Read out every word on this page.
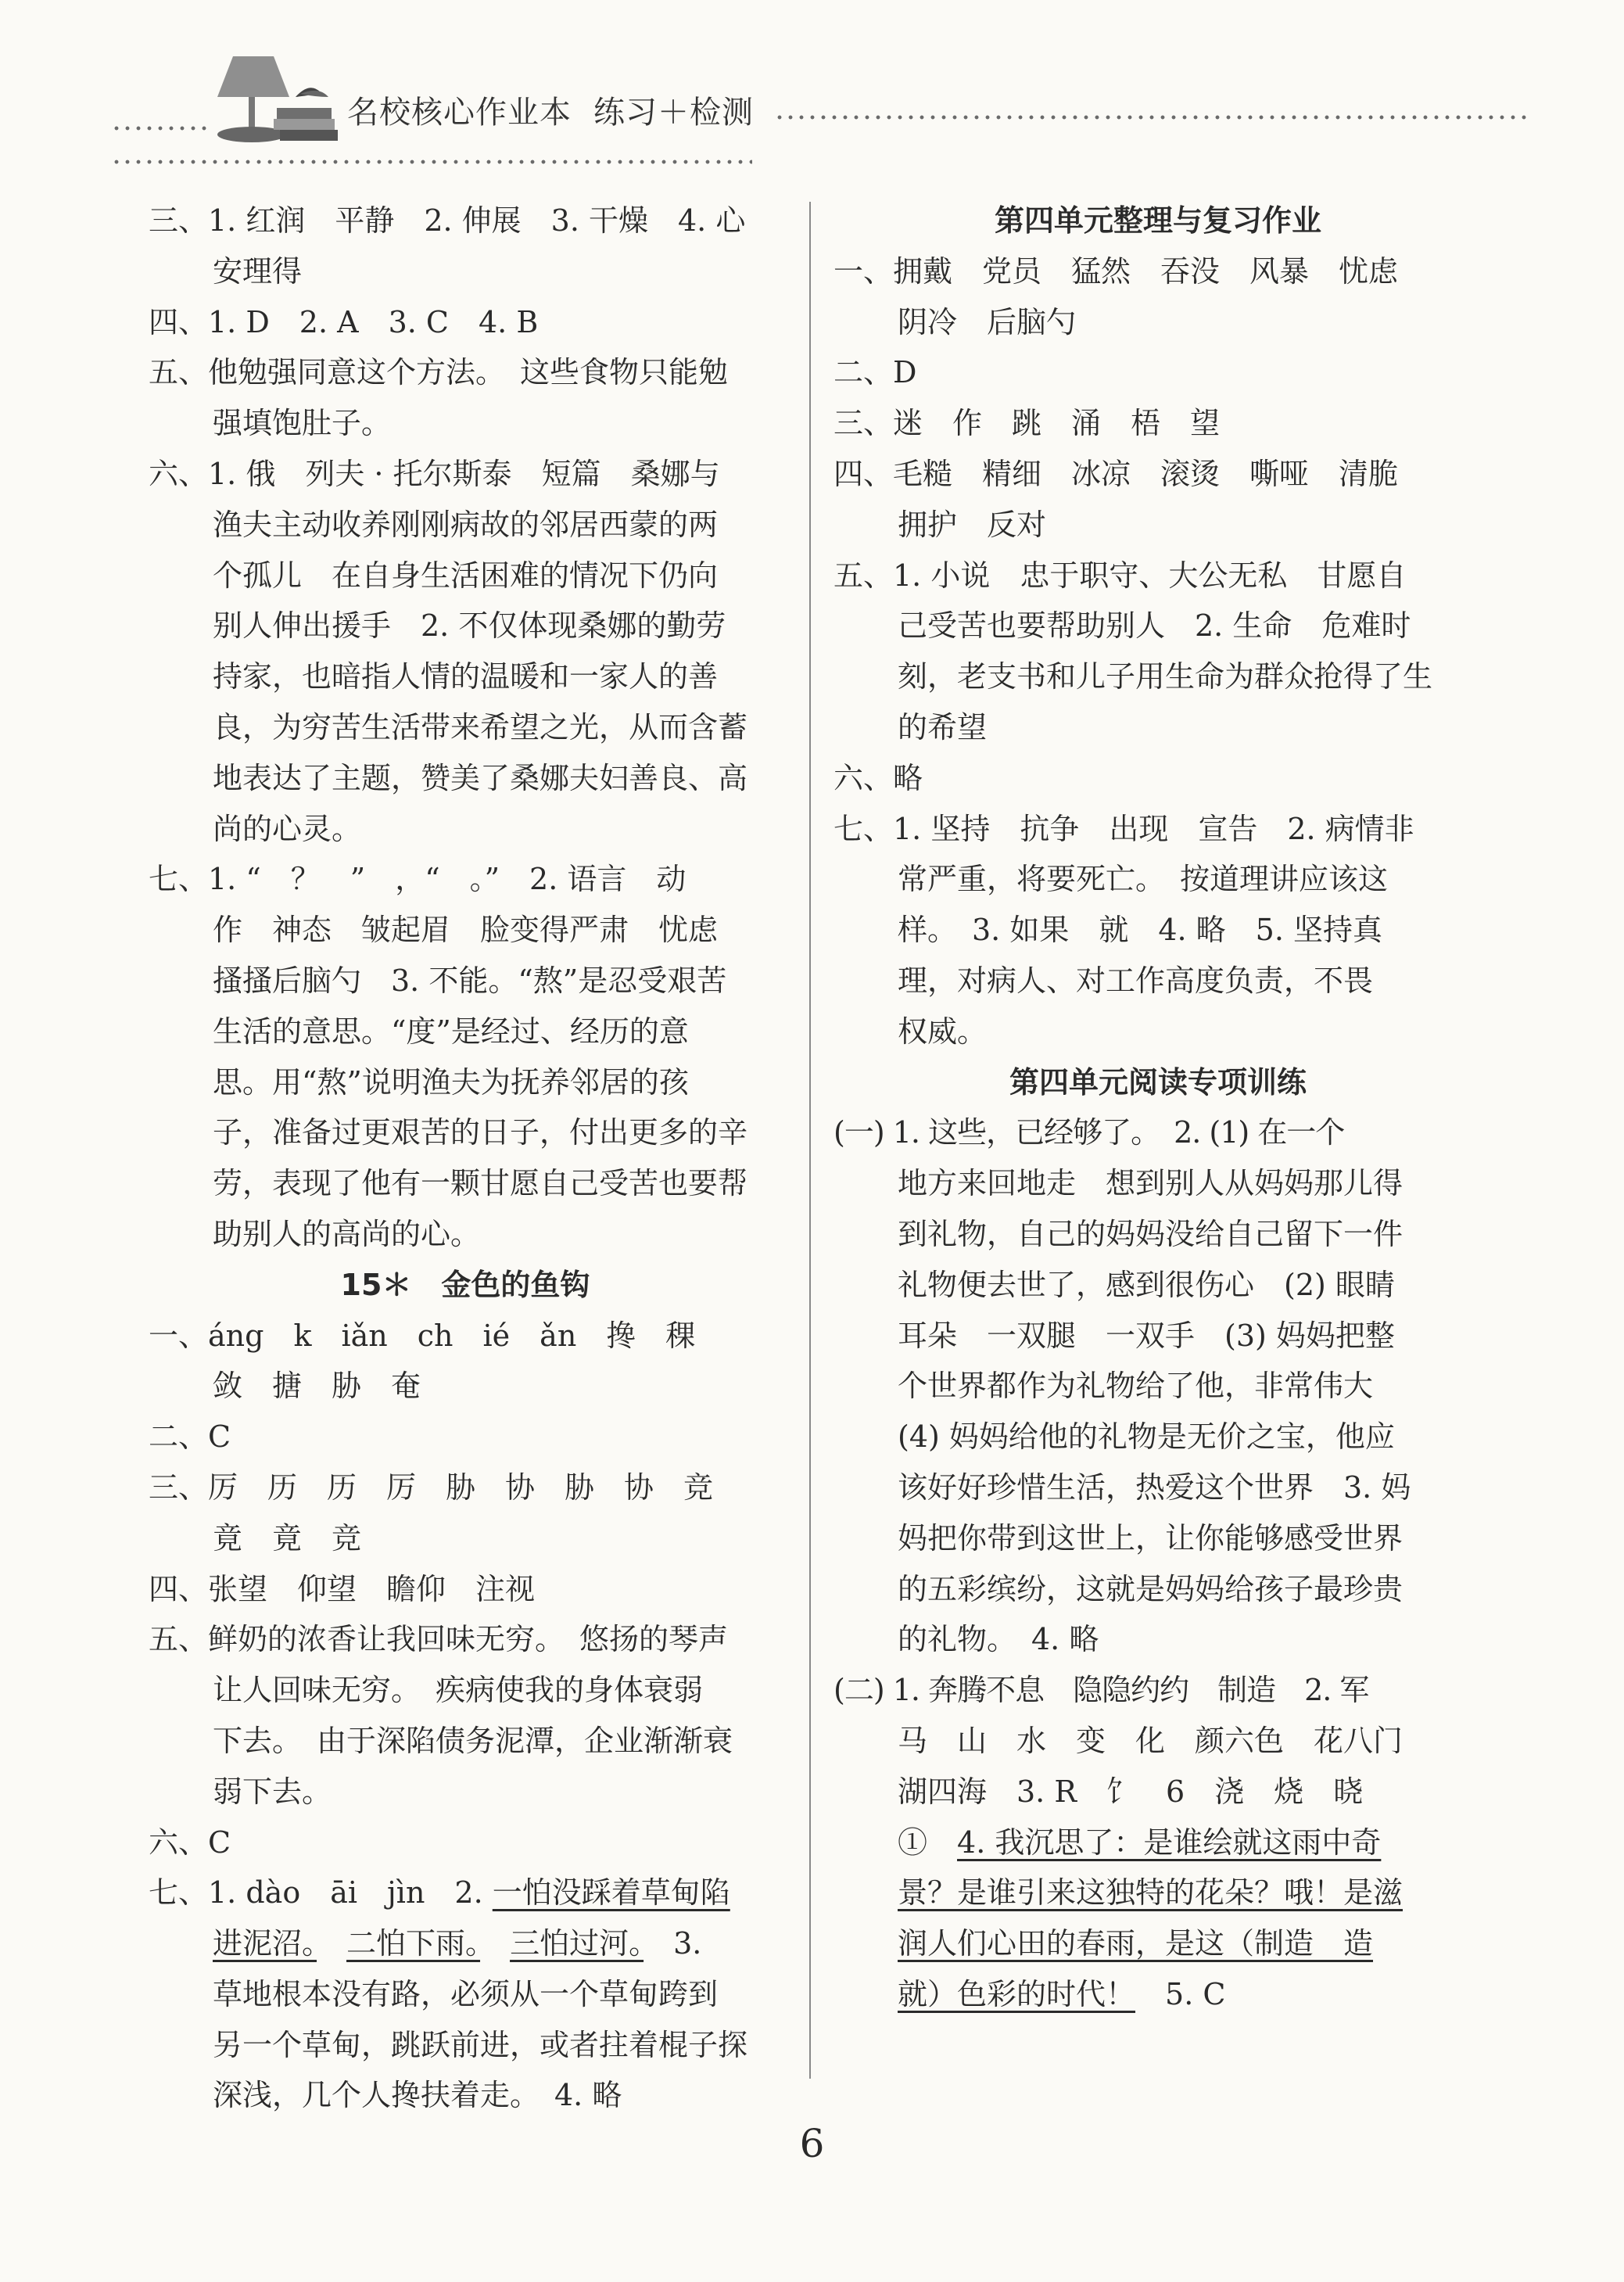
名校核心作业本 练习＋检测
三、1. 红润　平静　2. 伸展　3. 干燥　4. 心
安理得
四、1. D　2. A　3. C　4. B
五、他勉强同意这个方法。　这些食物只能勉
强填饱肚子。
六、1. 俄　列夫 · 托尔斯泰　短篇　桑娜与
渔夫主动收养刚刚病故的邻居西蒙的两
个孤儿　在自身生活困难的情况下仍向
别人伸出援手　2. 不仅体现桑娜的勤劳
持家，也暗指人情的温暖和一家人的善
良，为穷苦生活带来希望之光，从而含蓄
地表达了主题，赞美了桑娜夫妇善良、高
尚的心灵。
七、1. “　？　”　，“　。”　2. 语言　动
作　神态　皱起眉　脸变得严肃　忧虑
搔搔后脑勺　3. 不能。“熬”是忍受艰苦
生活的意思。“度”是经过、经历的意
思。用“熬”说明渔夫为抚养邻居的孩
子，准备过更艰苦的日子，付出更多的辛
劳，表现了他有一颗甘愿自己受苦也要帮
助别人的高尚的心。
15＊　金色的鱼钩
一、áng　k　iǎn　ch　ié　ǎn　搀　稞
敛　搪　胁　奄
二、C
三、厉　历　历　厉　胁　协　胁　协　竞
竟　竟　竞
四、张望　仰望　瞻仰　注视
五、鲜奶的浓香让我回味无穷。　悠扬的琴声
让人回味无穷。　疾病使我的身体衰弱
下去。　由于深陷债务泥潭，企业渐渐衰
弱下去。
六、C
七、1. dào　āi　jìn　2. 一怕没踩着草甸陷
进泥沼。　 二怕下雨。　 三怕过河。　 3.
草地根本没有路，必须从一个草甸跨到
另一个草甸，跳跃前进，或者拄着棍子探
深浅，几个人搀扶着走。　4. 略
第四单元整理与复习作业
一、拥戴　党员　猛然　吞没　风暴　忧虑
阴冷　后脑勺
二、D
三、迷　作　跳　涌　梧　望
四、毛糙　精细　冰凉　滚烫　嘶哑　清脆
拥护　反对
五、1. 小说　忠于职守、大公无私　甘愿自
己受苦也要帮助别人　2. 生命　危难时
刻，老支书和儿子用生命为群众抢得了生
的希望
六、略
七、1. 坚持　抗争　出现　宣告　2. 病情非
常严重，将要死亡。　按道理讲应该这
样。　3. 如果　就　4. 略　5. 坚持真
理，对病人、对工作高度负责，不畏
权威。
第四单元阅读专项训练
(一) 1. 这些，已经够了。　2. (1) 在一个
地方来回地走　想到别人从妈妈那儿得
到礼物，自己的妈妈没给自己留下一件
礼物便去世了，感到很伤心　(2) 眼睛
耳朵　一双腿　一双手　(3) 妈妈把整
个世界都作为礼物给了他，非常伟大
(4) 妈妈给他的礼物是无价之宝，他应
该好好珍惜生活，热爱这个世界　3. 妈
妈把你带到这世上，让你能够感受世界
的五彩缤纷，这就是妈妈给孩子最珍贵
的礼物。　4. 略
(二) 1. 奔腾不息　隐隐约约　制造　2. 军
马　山　水　变　化　颜六色　花八门
湖四海　3. R　饣　6　浇　烧　晓
①　4. 我沉思了：是谁绘就这雨中奇
景？是谁引来这独特的花朵？哦！是滋
润人们心田的春雨，是这（制造　造
就）色彩的时代！　5. C
6
